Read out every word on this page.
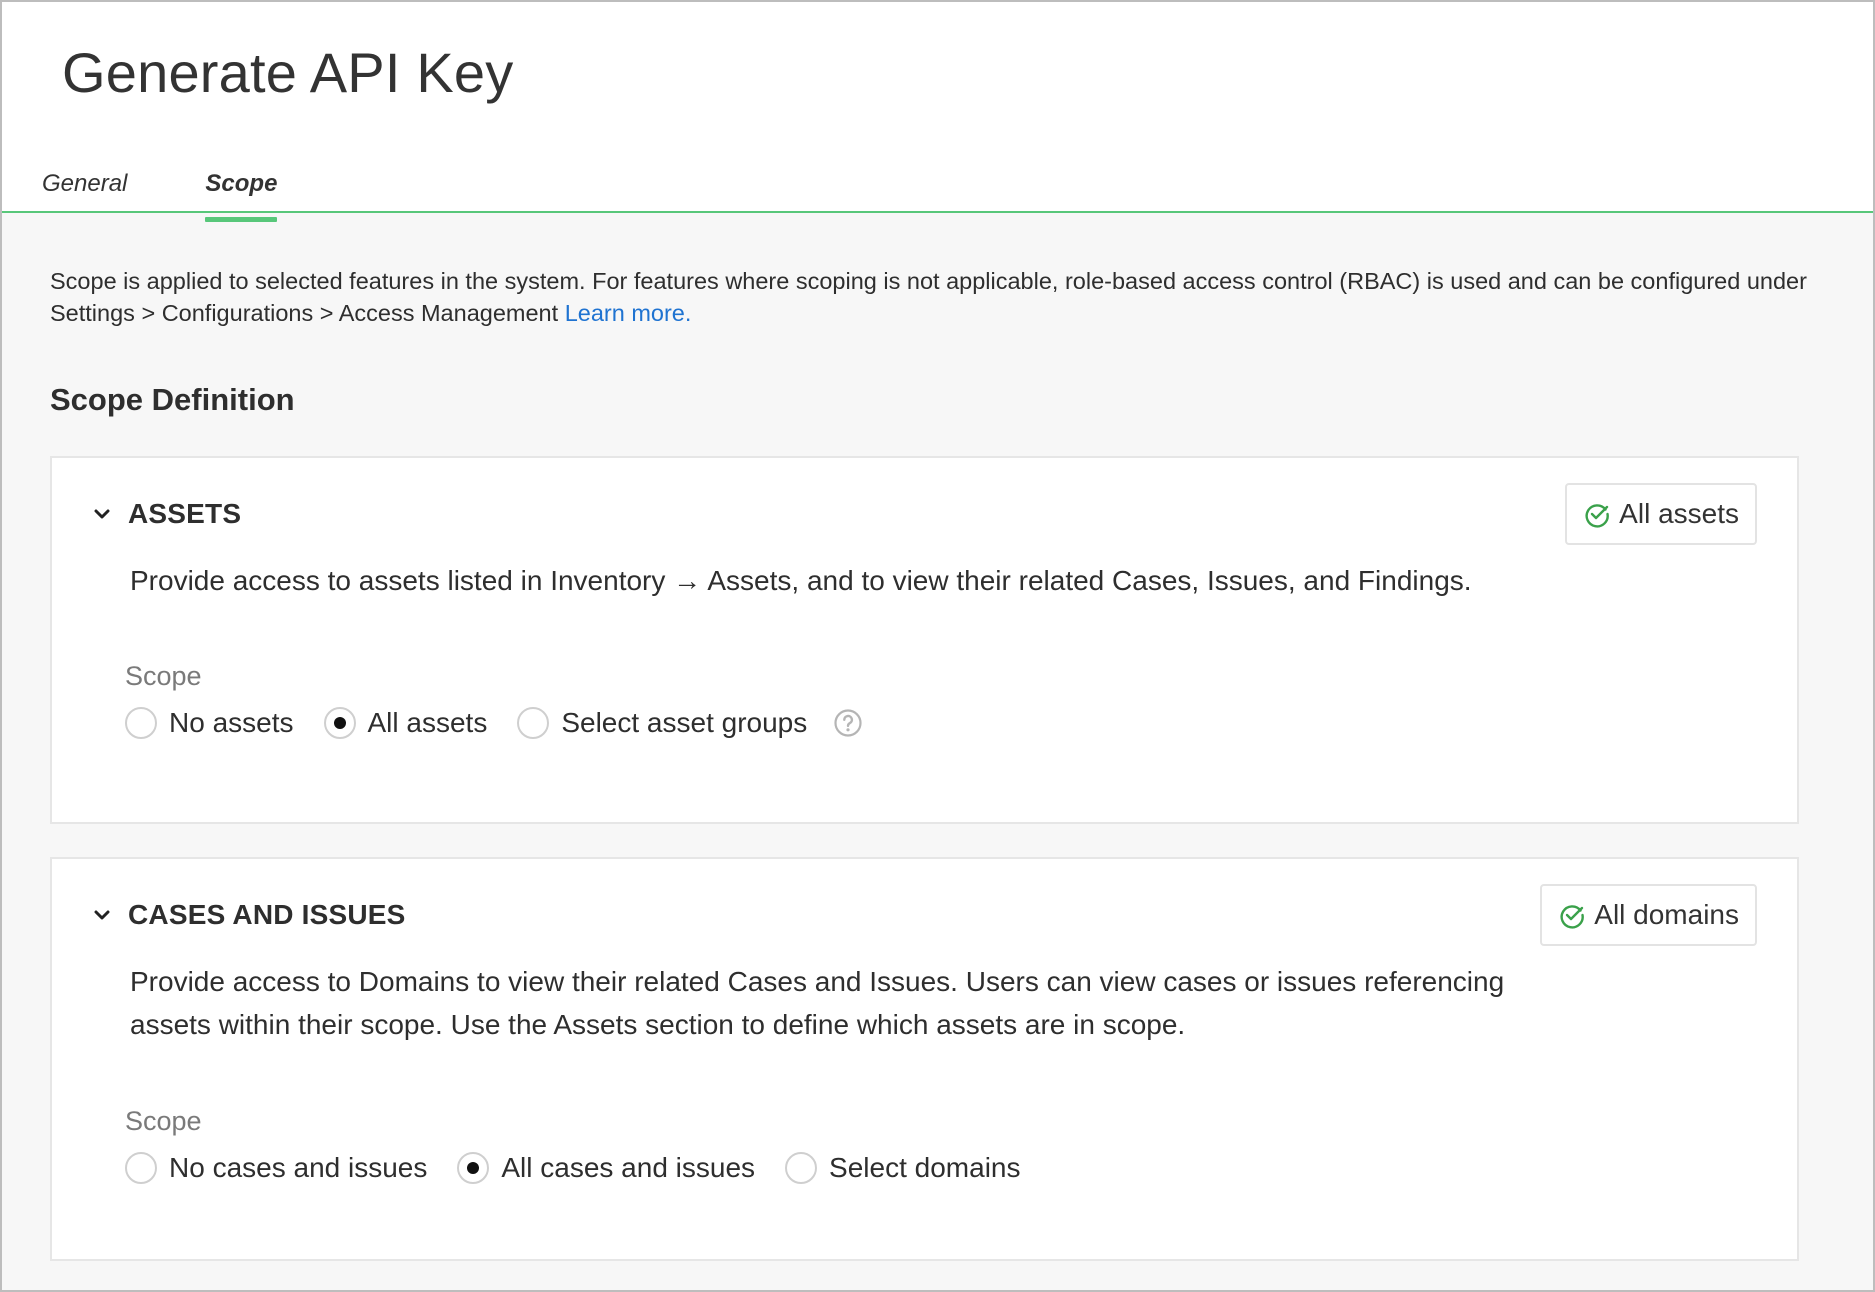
Generate API Key
General	Scope

Scope is applied to selected features in the system. For features where scoping is not applicable, role-based access control (RBAC) is used and can be configured under Settings > Configurations > Access Management Learn more.

Scope Definition
ASSETS	All assets

Provide access to assets listed in Inventory → Assets, and to view their related Cases, Issues, and Findings.

Scope
No assets	All assets	Select asset groups
CASES AND ISSUES	All domains

Provide access to Domains to view their related Cases and Issues. Users can view cases or issues referencing assets within their scope. Use the Assets section to define which assets are in scope.

Scope
No cases and issues	All cases and issues	Select domains
